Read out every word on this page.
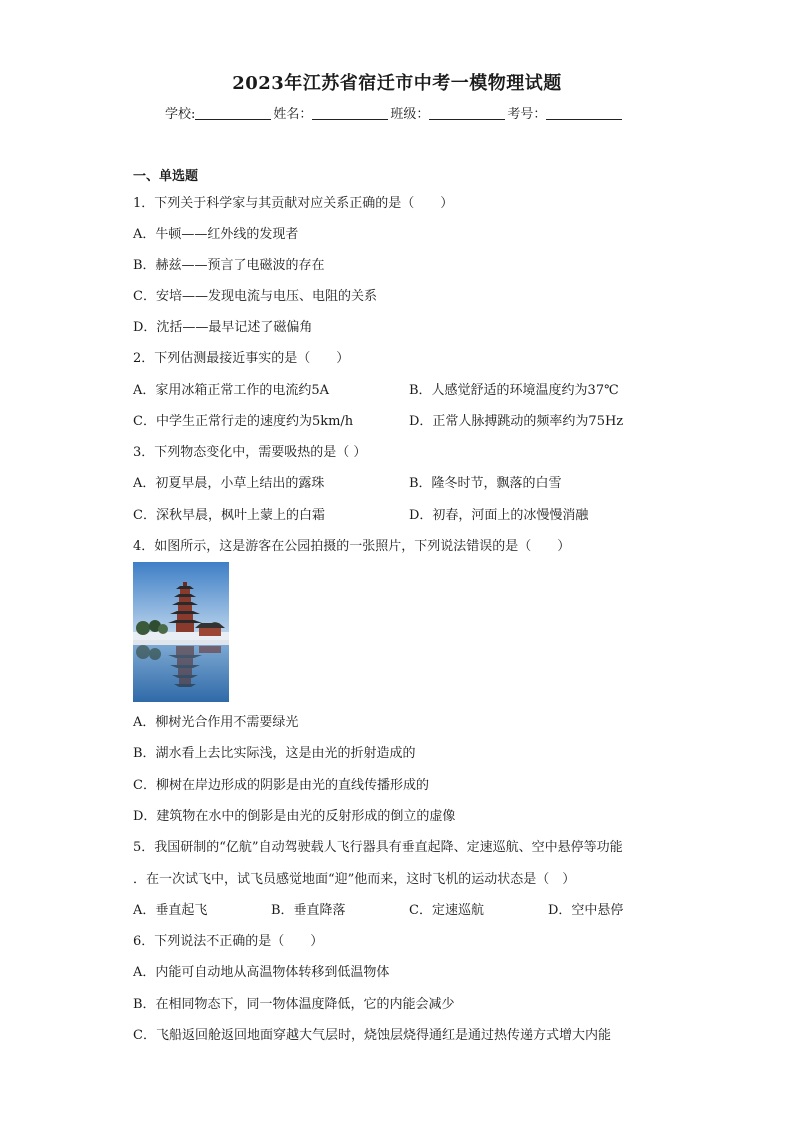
2023年江苏省宿迁市中考一模物理试题
学校:	姓名：	班级：	考号：
一、单选题
1．下列关于科学家与其贡献对应关系正确的是（　　）
A．牛顿——红外线的发现者
B．赫兹——预言了电磁波的存在
C．安培——发现电流与电压、电阻的关系
D．沈括——最早记述了磁偏角
2．下列估测最接近事实的是（　　）
A．家用冰箱正常工作的电流约5A	B．人感觉舒适的环境温度约为37℃
C．中学生正常行走的速度约为5km/h	D．正常人脉搏跳动的频率约为75Hz
3．下列物态变化中，需要吸热的是（ ）
A．初夏早晨，小草上结出的露珠	B．隆冬时节，飘落的白雪
C．深秋早晨，枫叶上蒙上的白霜	D．初春，河面上的冰慢慢消融
4．如图所示，这是游客在公园拍摄的一张照片，下列说法错误的是（　　）
A．柳树光合作用不需要绿光
B．湖水看上去比实际浅，这是由光的折射造成的
C．柳树在岸边形成的阴影是由光的直线传播形成的
D．建筑物在水中的倒影是由光的反射形成的倒立的虚像
5．我国研制的“亿航”自动驾驶载人飞行器具有垂直起降、定速巡航、空中悬停等功能
．在一次试飞中，试飞员感觉地面“迎”他而来，这时飞机的运动状态是（　）
A．垂直起飞	B．垂直降落	C．定速巡航	D．空中悬停
6．下列说法不正确的是（　　）
A．内能可自动地从高温物体转移到低温物体
B．在相同物态下，同一物体温度降低，它的内能会减少
C．飞船返回舱返回地面穿越大气层时，烧蚀层烧得通红是通过热传递方式增大内能
